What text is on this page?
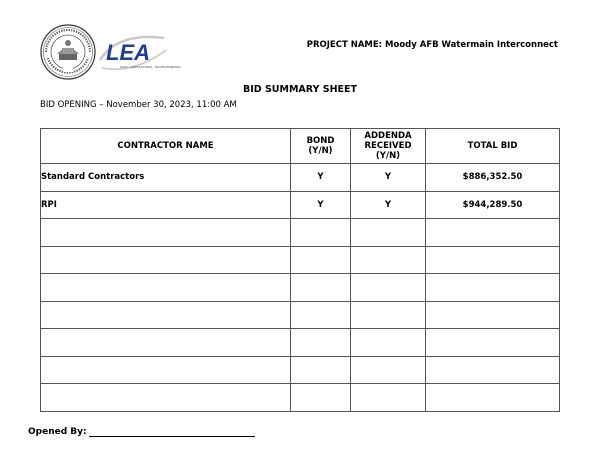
LEA
CIVIL · AGRICULTURAL · ENVIRONMENTAL
PROJECT NAME: Moody AFB Watermain Interconnect
BID SUMMARY SHEET
BID OPENING – November 30, 2023, 11:00 AM
CONTRACTOR NAME	BOND (Y/N)	ADDENDA RECEIVED (Y/N)	TOTAL BID
Standard Contractors	Y	Y	$886,352.50
RPI	Y	Y	$944,289.50

Opened By:
